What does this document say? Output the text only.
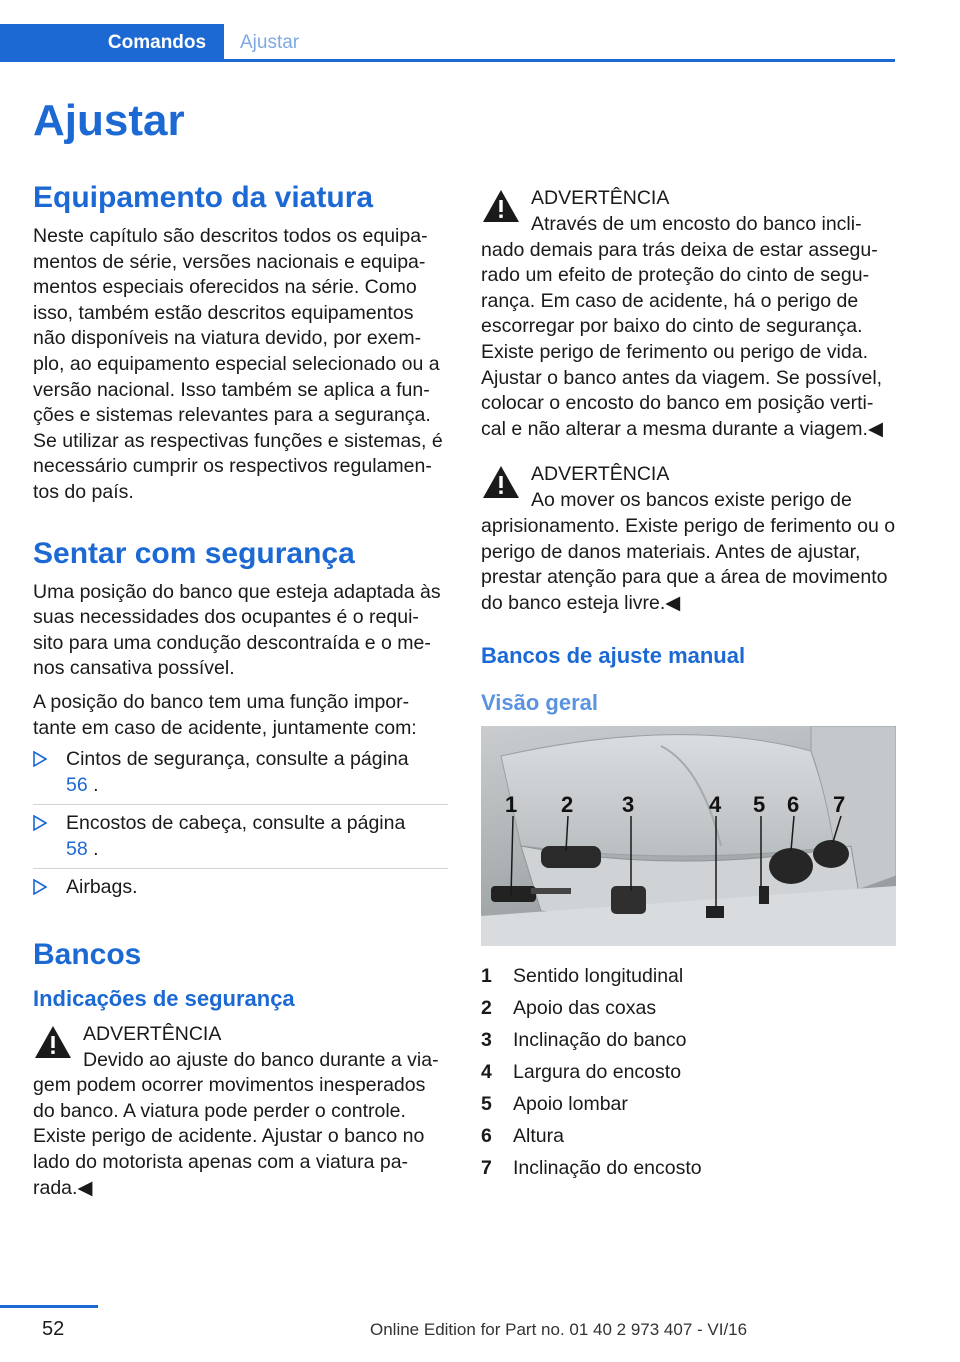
Comandos	Ajustar
Ajustar
Equipamento da viatura

Neste capítulo são descritos todos os equipa- mentos de série, versões nacionais e equipa- mentos especiais oferecidos na série. Como isso, também estão descritos equipamentos não disponíveis na viatura devido, por exem- plo, ao equipamento especial selecionado ou a versão nacional. Isso também se aplica a fun- ções e sistemas relevantes para a segurança. Se utilizar as respectivas funções e sistemas, é necessário cumprir os respectivos regulamen- tos do país.

Sentar com segurança

Uma posição do banco que esteja adaptada às suas necessidades dos ocupantes é o requi- sito para uma condução descontraída e o me- nos cansativa possível.

A posição do banco tem uma função impor- tante em caso de acidente, juntamente com:

Cintos de segurança, consulte a página
56 .
Encostos de cabeça, consulte a página
58 .
Airbags.
Bancos
Indicações de segurança
ADVERTÊNCIA
Devido ao ajuste do banco durante a via-
gem podem ocorrer movimentos inesperados do banco. A viatura pode perder o controle. Existe perigo de acidente. Ajustar o banco no lado do motorista apenas com a viatura pa- rada.◀
ADVERTÊNCIA
Através de um encosto do banco incli-
nado demais para trás deixa de estar assegu- rado um efeito de proteção do cinto de segu- rança. Em caso de acidente, há o perigo de escorregar por baixo do cinto de segurança. Existe perigo de ferimento ou perigo de vida. Ajustar o banco antes da viagem. Se possível, colocar o encosto do banco em posição verti- cal e não alterar a mesma durante a viagem.◀
ADVERTÊNCIA
Ao mover os bancos existe perigo de
aprisionamento. Existe perigo de ferimento ou o perigo de danos materiais. Antes de ajustar, prestar atenção para que a área de movimento do banco esteja livre.◀
Bancos de ajuste manual
Visão geral
1 2 3	4 5 6 7
1	Sentido longitudinal
2	Apoio das coxas
3	Inclinação do banco
4	Largura do encosto
5	Apoio lombar
6	Altura
7	Inclinação do encosto
52	Online Edition for Part no. 01 40 2 973 407 - VI/16
